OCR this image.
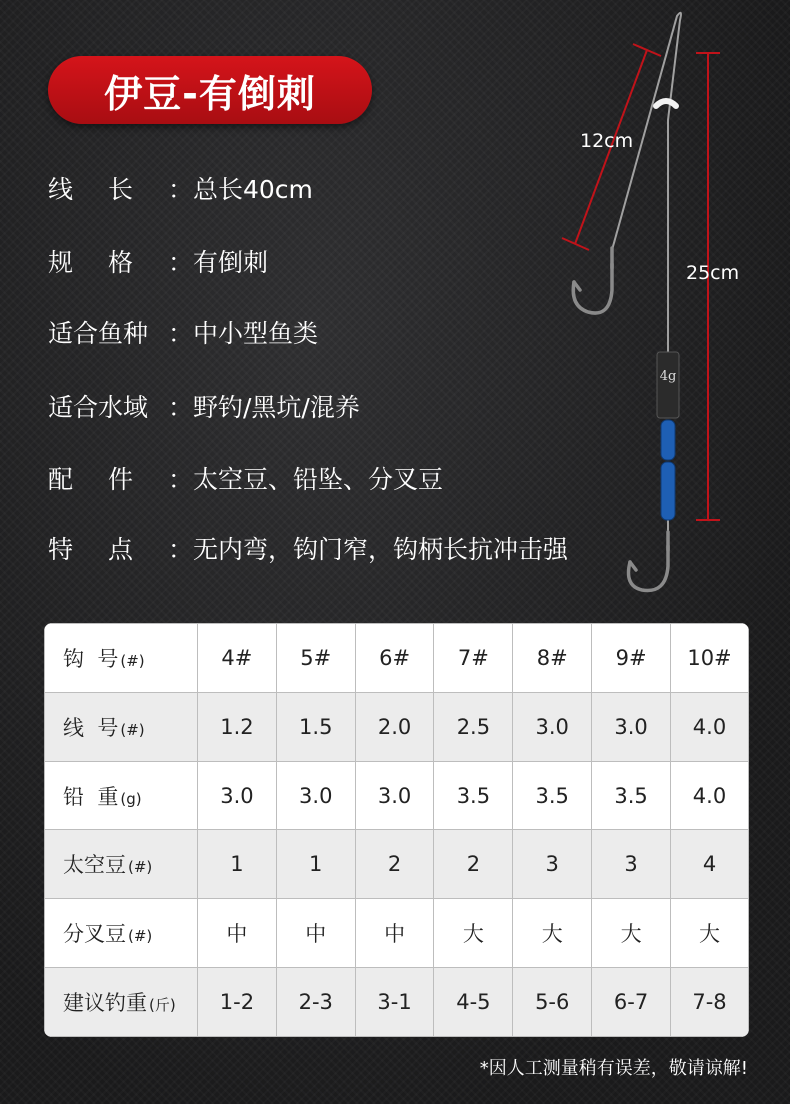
伊豆-有倒刺
线 长 ： 总长40cm
规 格 ： 有倒刺
适合鱼种 ： 中小型鱼类
适合水域 ： 野钓/黑坑/混养
配 件 ： 太空豆、铅坠、分叉豆
特 点 ： 无内弯，钩门窄，钩柄长抗冲击强
4g
12cm
25cm
钩  号 (#)	4#	5#	6#	7#	8#	9#	10#
线  号 (#)	1.2	1.5	2.0	2.5	3.0	3.0	4.0
铅  重 (g)	3.0	3.0	3.0	3.5	3.5	3.5	4.0
太空豆 (#)	1	1	2	2	3	3	4
分叉豆 (#)	中	中	中	大	大	大	大
建议钓重 (斤)	1-2	2-3	3-1	4-5	5-6	6-7	7-8
*因人工测量稍有误差，敬请谅解!
